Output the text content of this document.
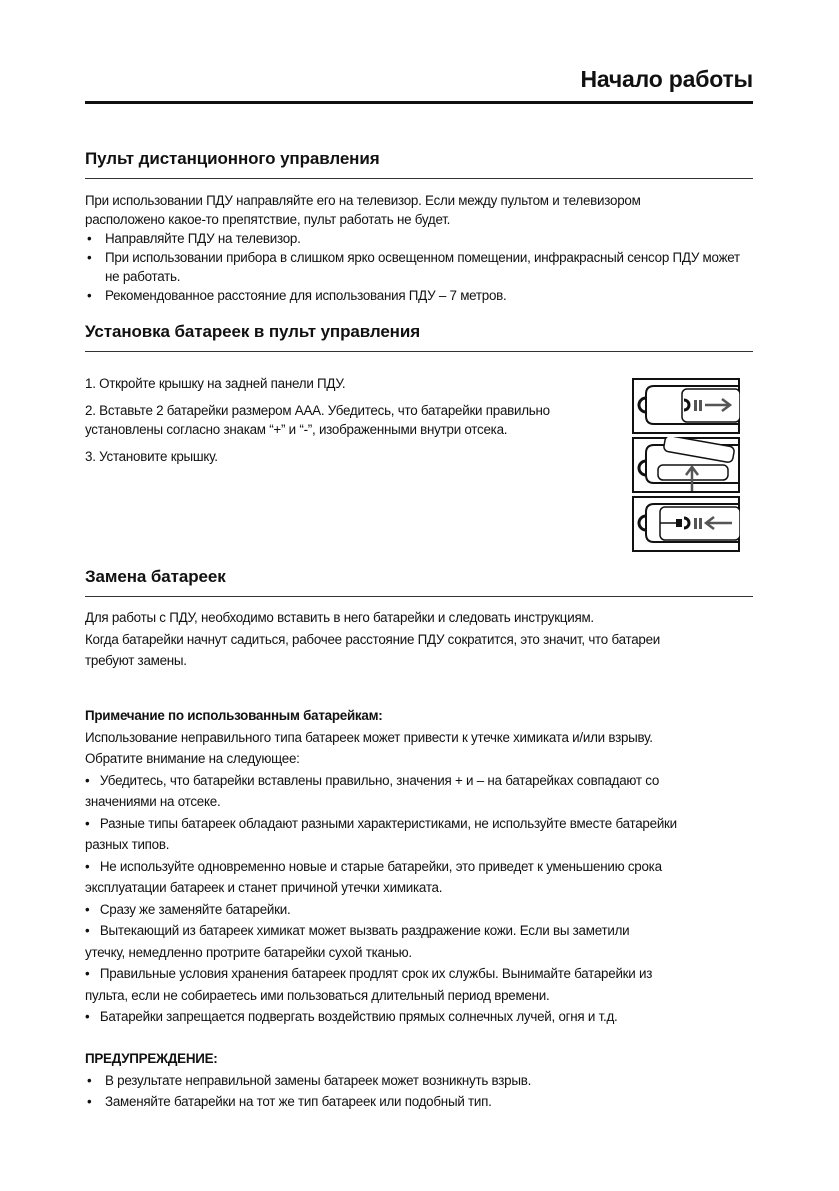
Начало работы
Пульт дистанционного управления

При использовании ПДУ направляйте его на телевизор. Если между пультом и телевизором

расположено какое-то препятствие, пульт работать не будет.

• Направляйте ПДУ на телевизор.

• При использовании прибора в слишком ярко освещенном помещении, инфракрасный сенсор ПДУ может не работать.

• Рекомендованное расстояние для использования ПДУ – 7 метров.

Установка батареек в пульт управления

1. Откройте крышку на задней панели ПДУ.

2. Вставьте 2 батарейки размером ААА. Убедитесь, что батарейки правильно установлены согласно знакам “+” и “-”, изображенными внутри отсека.

3. Установите крышку.

Замена батареек

Для работы с ПДУ, необходимо вставить в него батарейки и следовать инструкциям.

Когда батарейки начнут садиться, рабочее расстояние ПДУ сократится, это значит, что батареи

требуют замены.

Примечание по использованным батарейкам:

Использование неправильного типа батареек может привести к утечке химиката и/или взрыву.

Обратите внимание на следующее:

•   Убедитесь, что батарейки вставлены правильно, значения + и – на батарейках совпадают со

значениями на отсеке.

•   Разные типы батареек обладают разными характеристиками, не используйте вместе батарейки

разных типов.

•   Не используйте одновременно новые и старые батарейки, это приведет к уменьшению срока

эксплуатации батареек и станет причиной утечки химиката.

•   Сразу же заменяйте батарейки.

•   Вытекающий из батареек химикат может вызвать раздражение кожи. Если вы заметили

утечку, немедленно протрите батарейки сухой тканью.

•   Правильные условия хранения батареек продлят срок их службы. Вынимайте батарейки из

пульта, если не собираетесь ими пользоваться длительный период времени.

•   Батарейки запрещается подвергать воздействию прямых солнечных лучей, огня и т.д.

ПРЕДУПРЕЖДЕНИЕ:

• В результате неправильной замены батареек может возникнуть взрыв.

• Заменяйте батарейки на тот же тип батареек или подобный тип.
